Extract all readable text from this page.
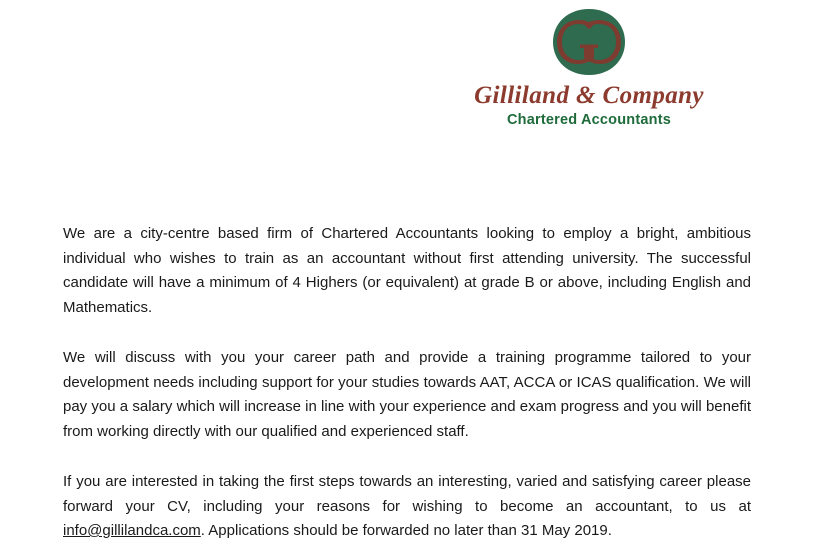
Gilliland & Company
Chartered Accountants

We are a city-centre based firm of Chartered Accountants looking to employ a bright, ambitious individual who wishes to train as an accountant without first attending university. The successful candidate will have a minimum of 4 Highers (or equivalent) at grade B or above, including English and Mathematics.

We will discuss with you your career path and provide a training programme tailored to your development needs including support for your studies towards AAT, ACCA or ICAS qualification. We will pay you a salary which will increase in line with your experience and exam progress and you will benefit from working directly with our qualified and experienced staff.

If you are interested in taking the first steps towards an interesting, varied and satisfying career please forward your CV, including your reasons for wishing to become an accountant, to us at info@gillilandca.com. Applications should be forwarded no later than 31 May 2019.
